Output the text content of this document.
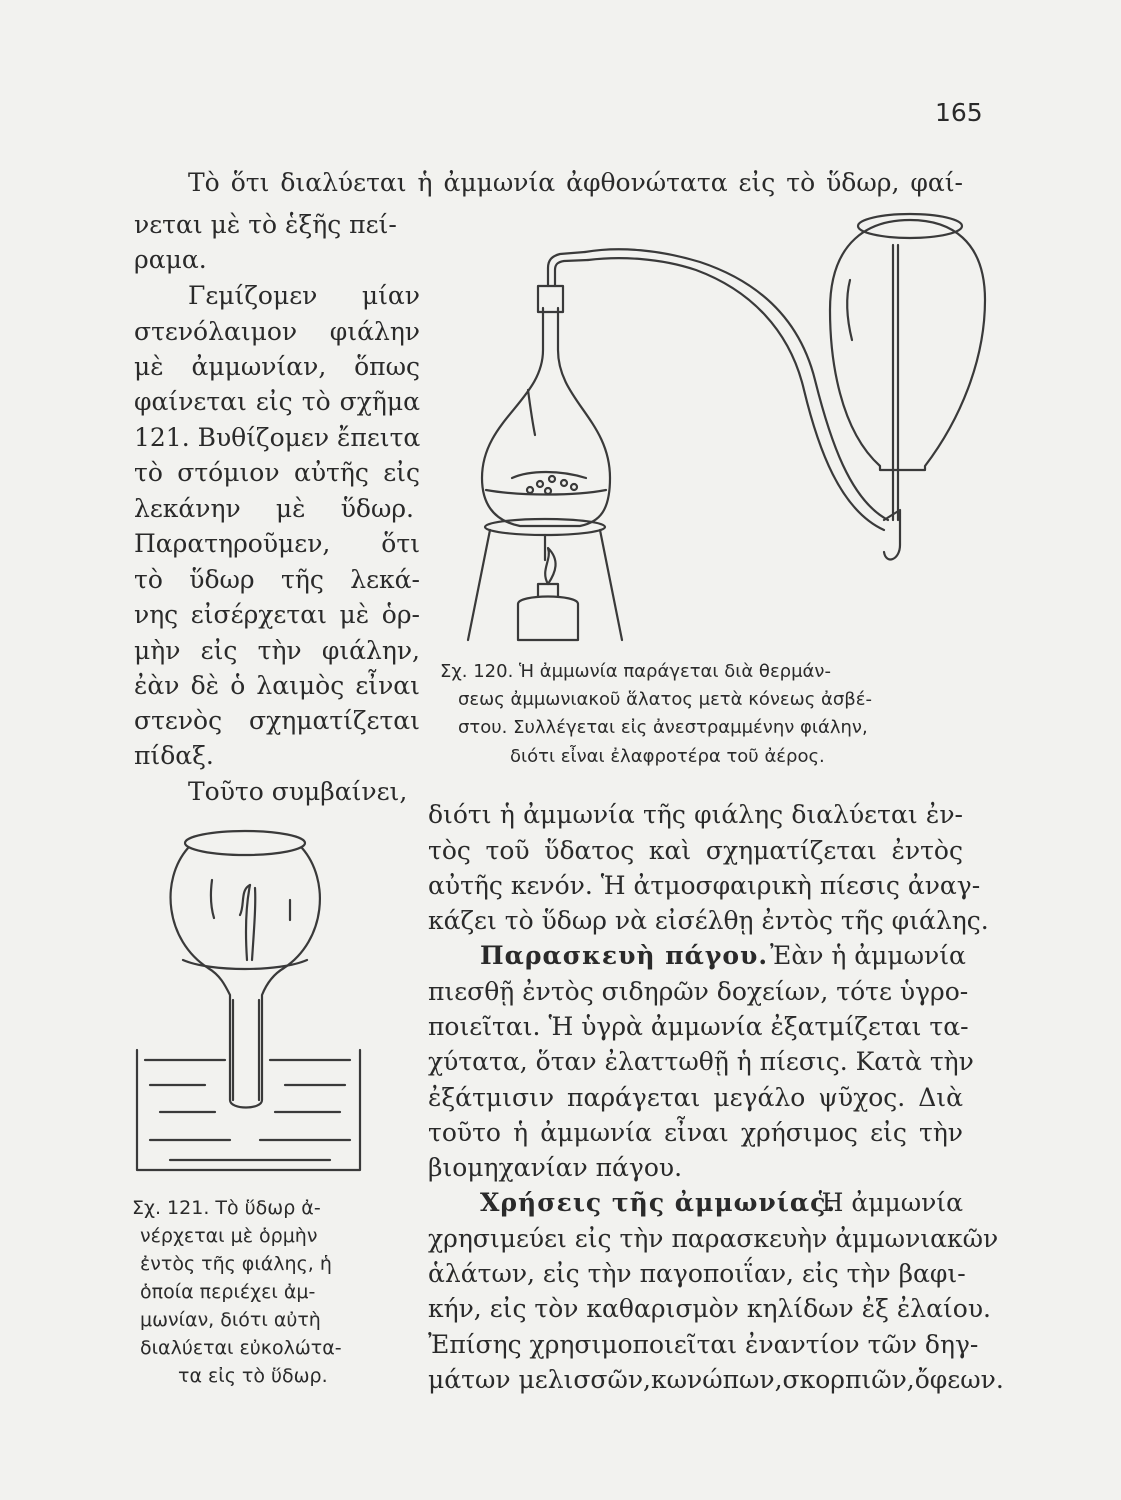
165
Τὸ ὅτι διαλύεται ἡ ἀμμωνία ἀφθονώτατα εἰς τὸ ὕδωρ, φαί-
νεται μὲ τὸ ἑξῆς πεί-
ραμα.
Γεμίζομεν μίαν
στενόλαιμον φιάλην
μὲ ἀμμωνίαν, ὅπως
φαίνεται εἰς τὸ σχῆμα
121. Βυθίζομεν ἔπειτα
τὸ στόμιον αὐτῆς εἰς
λεκάνην μὲ ὕδωρ.
Παρατηροῦμεν, ὅτι
τὸ ὕδωρ τῆς λεκά-
νης εἰσέρχεται μὲ ὁρ-
μὴν εἰς τὴν φιάλην,
ἐὰν δὲ ὁ λαιμὸς εἶναι
στενὸς σχηματίζεται
πίδαξ.
Τοῦτο συμβαίνει,
Σχ. 120. Ἡ ἀμμωνία παράγεται διὰ θερμάν-
σεως ἀμμωνιακοῦ ἅλατος μετὰ κόνεως ἀσβέ-
στου. Συλλέγεται εἰς ἀνεστραμμένην φιάλην,
διότι εἶναι ἐλαφροτέρα τοῦ ἀέρος.
διότι ἡ ἀμμωνία τῆς φιάλης διαλύεται ἐν-
τὸς τοῦ ὕδατος καὶ σχηματίζεται ἐντὸς
αὐτῆς κενόν. Ἡ ἀτμοσφαιρικὴ πίεσις ἀναγ-
κάζει τὸ ὕδωρ νὰ εἰσέλθῃ ἐντὸς τῆς φιάλης.
Παρασκευὴ πάγου. Ἐὰν ἡ ἀμμωνία
πιεσθῇ ἐντὸς σιδηρῶν δοχείων, τότε ὑγρο-
ποιεῖται. Ἡ ὑγρὰ ἀμμωνία ἐξατμίζεται τα-
χύτατα, ὅταν ἐλαττωθῇ ἡ πίεσις. Κατὰ τὴν
ἐξάτμισιν παράγεται μεγάλο ψῦχος. Διὰ
τοῦτο ἡ ἀμμωνία εἶναι χρήσιμος εἰς τὴν
βιομηχανίαν πάγου.
Χρήσεις τῆς ἀμμωνίας.
Ἡ ἀμμωνία
χρησιμεύει εἰς τὴν παρασκευὴν ἀμμωνιακῶν
ἁλάτων, εἰς τὴν παγοποιΐαν, εἰς τὴν βαφι-
κήν, εἰς τὸν καθαρισμὸν κηλίδων ἐξ ἐλαίου.
Ἐπίσης χρησιμοποιεῖται ἐναντίον τῶν δηγ-
μάτων μελισσῶν,κωνώπων,σκορπιῶν,ὄφεων.
Σχ. 121. Τὸ ὕδωρ ἀ-
νέρχεται μὲ ὁρμὴν
ἐντὸς τῆς φιάλης, ἡ
ὁποία περιέχει ἀμ-
μωνίαν, διότι αὐτὴ
διαλύεται εὐκολώτα-
τα εἰς τὸ ὕδωρ.
